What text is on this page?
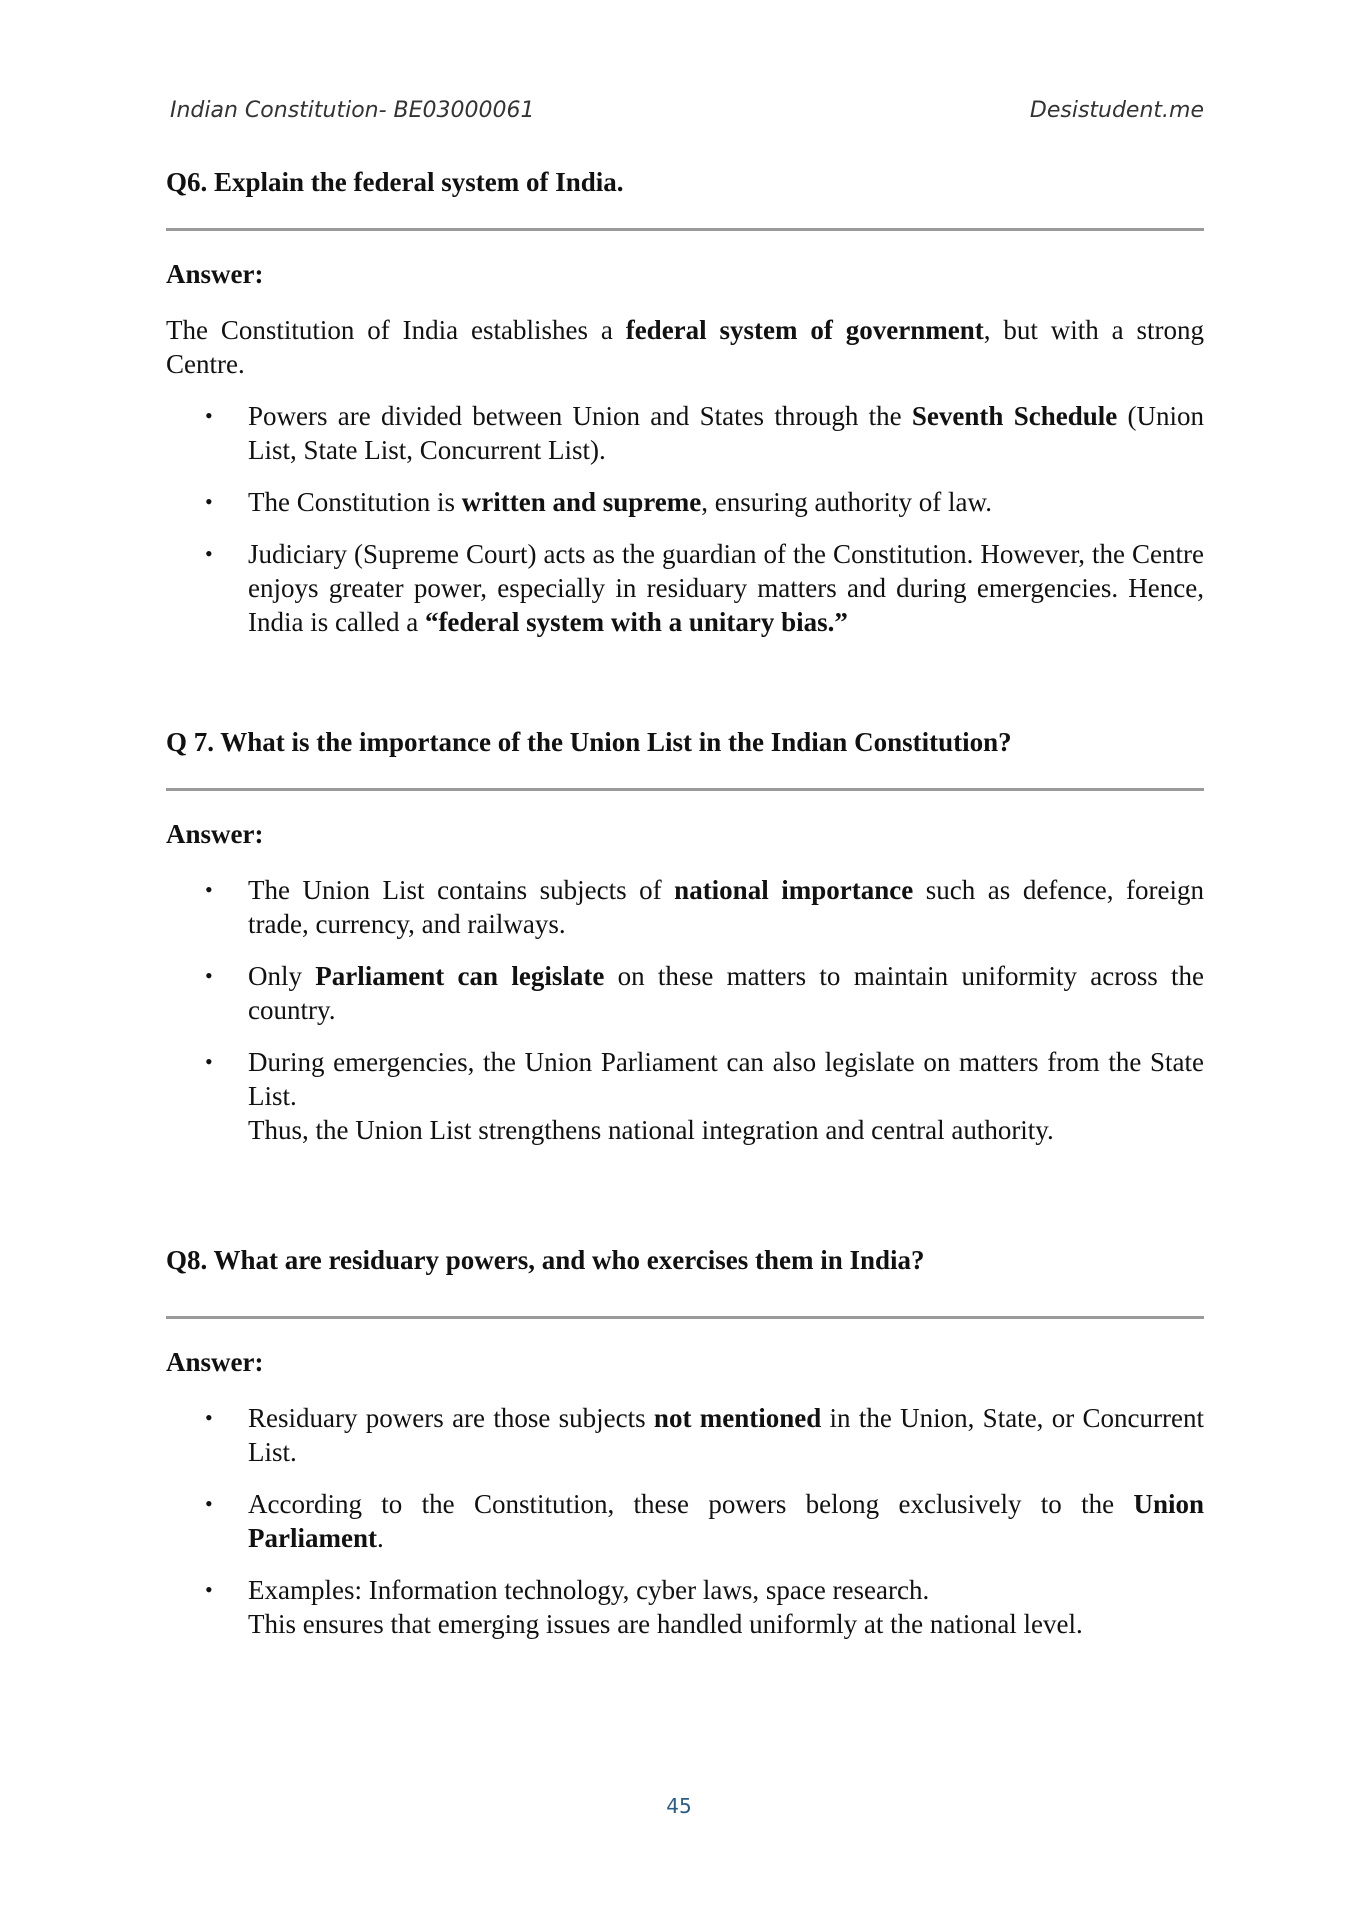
Indian Constitution- BE03000061	Desistudent.me
Q6. Explain the federal system of India.
Answer:

The Constitution of India establishes a federal system of government, but with a strong Centre.

• Powers are divided between Union and States through the Seventh Schedule (Union List, State List, Concurrent List).
• The Constitution is written and supreme, ensuring authority of law.
• Judiciary (Supreme Court) acts as the guardian of the Constitution. However, the Centre enjoys greater power, especially in residuary matters and during emergencies. Hence, India is called a “federal system with a unitary bias.”
Q 7. What is the importance of the Union List in the Indian Constitution?
Answer:
• The Union List contains subjects of national importance such as defence, foreign trade, currency, and railways.
• Only Parliament can legislate on these matters to maintain uniformity across the country.
• During emergencies, the Union Parliament can also legislate on matters from the State List.
Thus, the Union List strengthens national integration and central authority.
Q8. What are residuary powers, and who exercises them in India?
Answer:
• Residuary powers are those subjects not mentioned in the Union, State, or Concurrent List.
• According to the Constitution, these powers belong exclusively to the Union Parliament.
• Examples: Information technology, cyber laws, space research.
This ensures that emerging issues are handled uniformly at the national level.
45
